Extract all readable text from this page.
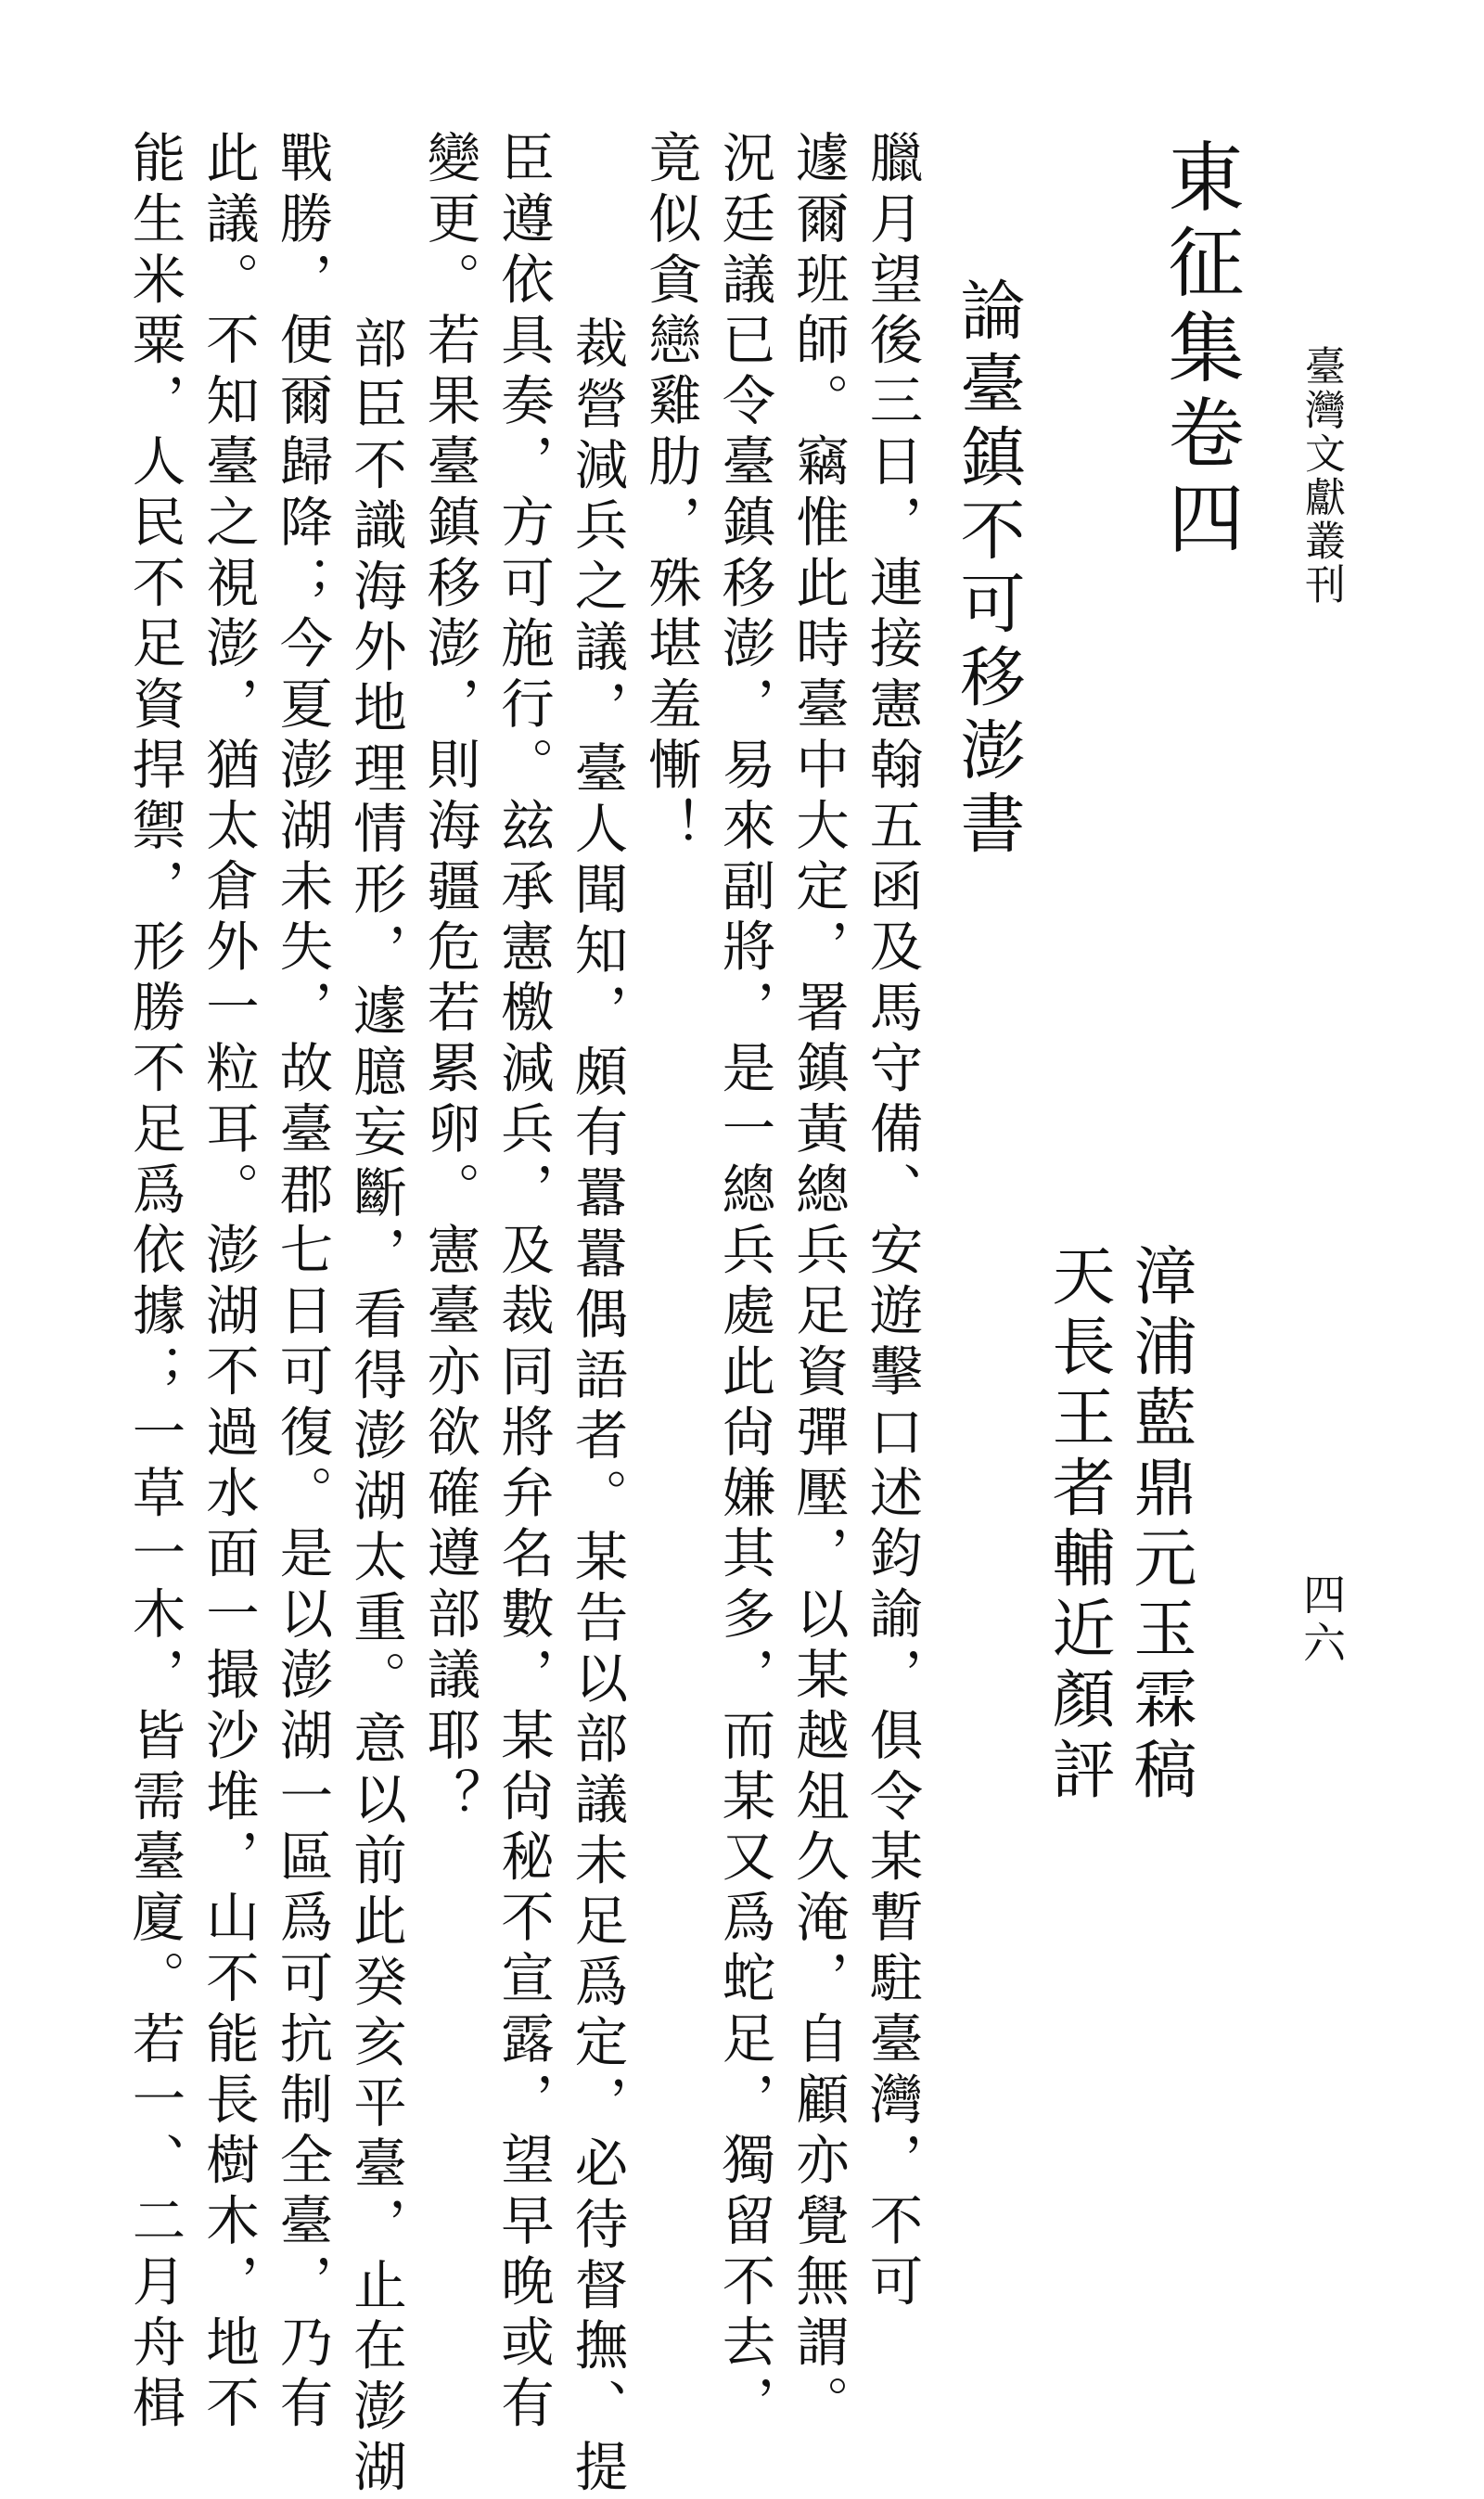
臺灣文獻叢刊
四六
東征集卷四
漳浦藍鼎元玉霖稿
天長王者輔近顏評
論臺鎮不可移澎書
臘月望後三日，連接憲翰五函及馬守備、安遊擊口述鈞諭，俱令某暫駐臺灣，不可
遽爾班師。竊惟此時臺中大定，署鎮黃總兵足資彈壓，以某越俎久淹，自顧亦覺無謂。
況廷議已令臺鎮移澎，易來副將，是一總兵處此尙嫌其多，而某又爲蛇足，獨留不去，
竟似貪戀雞肋，殊堪羞慚！
裁營減兵之議，臺人聞知，頗有囂囂偶語者。某告以部議未足爲定，必待督撫、提
臣遵依具奏，方可施行。玆承憲檄減兵，及裁同將弁名數，某尙秘不宣露，望早晚或有
變更。若果臺鎮移澎，則海疆危若累卵。憲臺亦欲確遵部議耶？
部臣不識海外地理情形，遽臆妄斷，看得澎湖太重。意以前此癸亥平臺，止在澎湖
戰勝，便爾歸降；今夏澎湖未失，故臺郡七日可復。是以澎湖一區爲可抗制全臺，乃有
此議。不知臺之視澎，猶太倉外一粒耳。澎湖不過水面一撮沙堆，山不能長樹木，地不
能生米粟，人民不足資捍禦，形勝不足爲依據；一草一木，皆需臺廈。若一、二月舟楫
